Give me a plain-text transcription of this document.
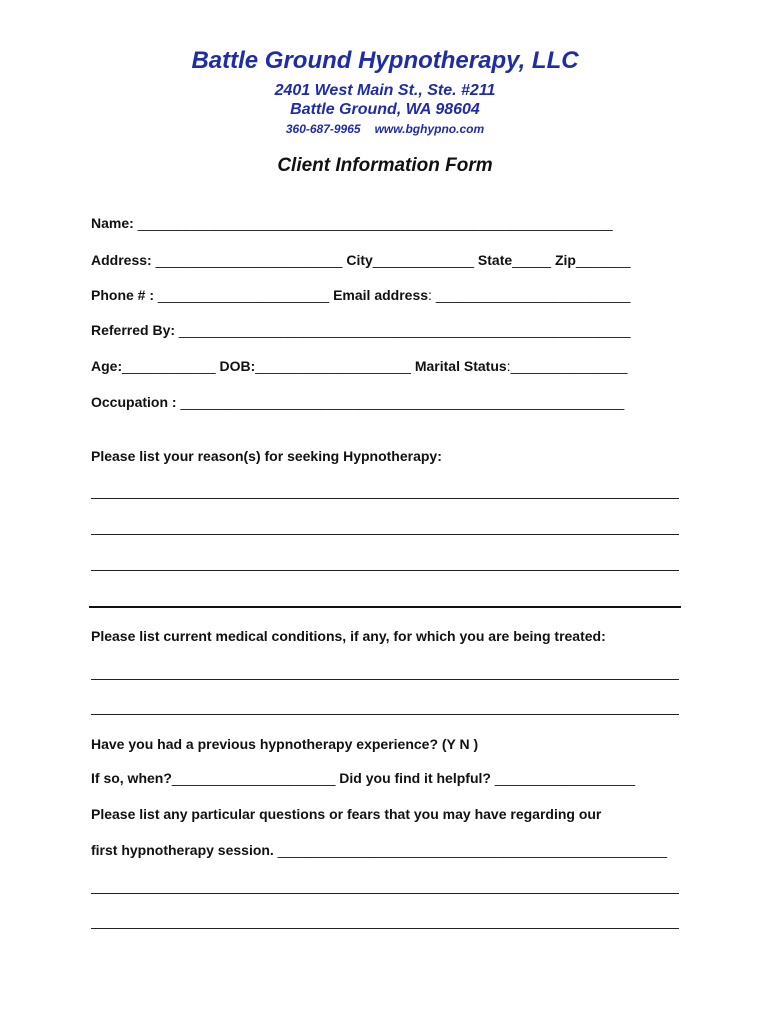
Battle Ground Hypnotherapy, LLC
2401 West Main St., Ste. #211
Battle Ground, WA 98604
360-687-9965 www.bghypno.com
Client Information Form
Name: _____________________________________________________________
Address: ________________________ City_____________ State_____ Zip_______
Phone # : ______________________ Email address: _________________________
Referred By: __________________________________________________________
Age:____________ DOB:____________________ Marital Status:_______________
Occupation : _________________________________________________________
Please list your reason(s) for seeking Hypnotherapy:
Please list current medical conditions, if any, for which you are being treated:
Have you had a previous hypnotherapy experience? (Y N )
If so, when?_____________________ Did you find it helpful? __________________
Please list any particular questions or fears that you may have regarding our
first hypnotherapy session. __________________________________________________
